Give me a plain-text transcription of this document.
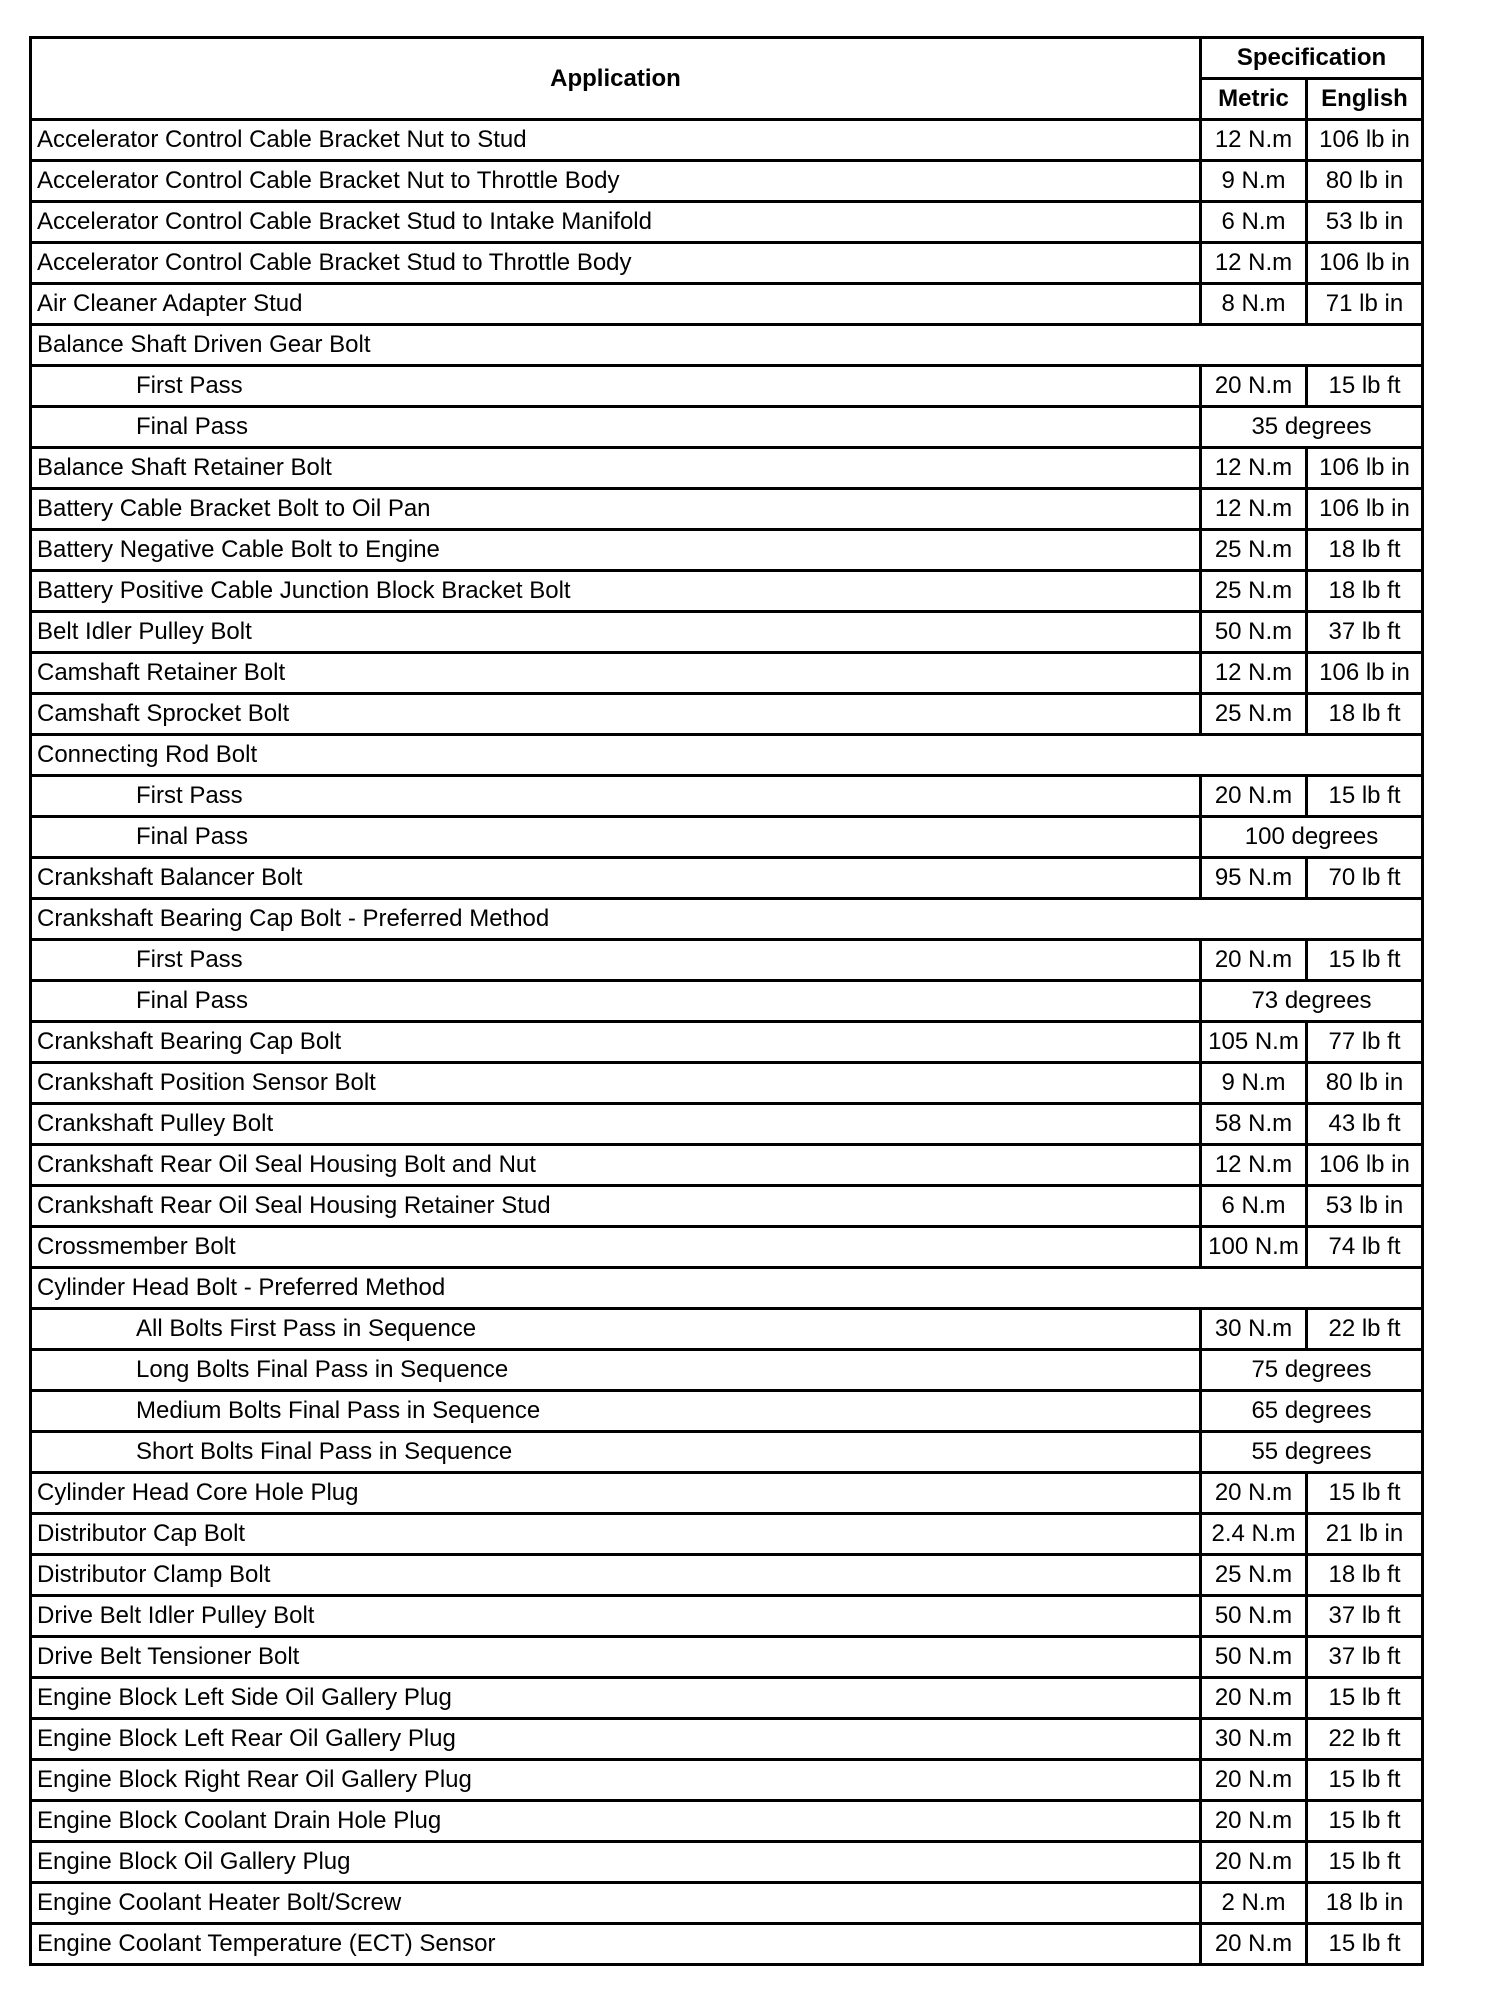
Application	Specification	
	Metric	English
Accelerator Control Cable Bracket Nut to Stud	12 N.m	106 lb in
Accelerator Control Cable Bracket Nut to Throttle Body	9 N.m	80 lb in
Accelerator Control Cable Bracket Stud to Intake Manifold	6 N.m	53 lb in
Accelerator Control Cable Bracket Stud to Throttle Body	12 N.m	106 lb in
Air Cleaner Adapter Stud	8 N.m	71 lb in
Balance Shaft Driven Gear Bolt		
First Pass	20 N.m	15 lb ft
Final Pass	35 degrees	
Balance Shaft Retainer Bolt	12 N.m	106 lb in
Battery Cable Bracket Bolt to Oil Pan	12 N.m	106 lb in
Battery Negative Cable Bolt to Engine	25 N.m	18 lb ft
Battery Positive Cable Junction Block Bracket Bolt	25 N.m	18 lb ft
Belt Idler Pulley Bolt	50 N.m	37 lb ft
Camshaft Retainer Bolt	12 N.m	106 lb in
Camshaft Sprocket Bolt	25 N.m	18 lb ft
Connecting Rod Bolt		
First Pass	20 N.m	15 lb ft
Final Pass	100 degrees	
Crankshaft Balancer Bolt	95 N.m	70 lb ft
Crankshaft Bearing Cap Bolt - Preferred Method		
First Pass	20 N.m	15 lb ft
Final Pass	73 degrees	
Crankshaft Bearing Cap Bolt	105 N.m	77 lb ft
Crankshaft Position Sensor Bolt	9 N.m	80 lb in
Crankshaft Pulley Bolt	58 N.m	43 lb ft
Crankshaft Rear Oil Seal Housing Bolt and Nut	12 N.m	106 lb in
Crankshaft Rear Oil Seal Housing Retainer Stud	6 N.m	53 lb in
Crossmember Bolt	100 N.m	74 lb ft
Cylinder Head Bolt - Preferred Method		
All Bolts First Pass in Sequence	30 N.m	22 lb ft
Long Bolts Final Pass in Sequence	75 degrees	
Medium Bolts Final Pass in Sequence	65 degrees	
Short Bolts Final Pass in Sequence	55 degrees	
Cylinder Head Core Hole Plug	20 N.m	15 lb ft
Distributor Cap Bolt	2.4 N.m	21 lb in
Distributor Clamp Bolt	25 N.m	18 lb ft
Drive Belt Idler Pulley Bolt	50 N.m	37 lb ft
Drive Belt Tensioner Bolt	50 N.m	37 lb ft
Engine Block Left Side Oil Gallery Plug	20 N.m	15 lb ft
Engine Block Left Rear Oil Gallery Plug	30 N.m	22 lb ft
Engine Block Right Rear Oil Gallery Plug	20 N.m	15 lb ft
Engine Block Coolant Drain Hole Plug	20 N.m	15 lb ft
Engine Block Oil Gallery Plug	20 N.m	15 lb ft
Engine Coolant Heater Bolt/Screw	2 N.m	18 lb in
Engine Coolant Temperature (ECT) Sensor	20 N.m	15 lb ft
